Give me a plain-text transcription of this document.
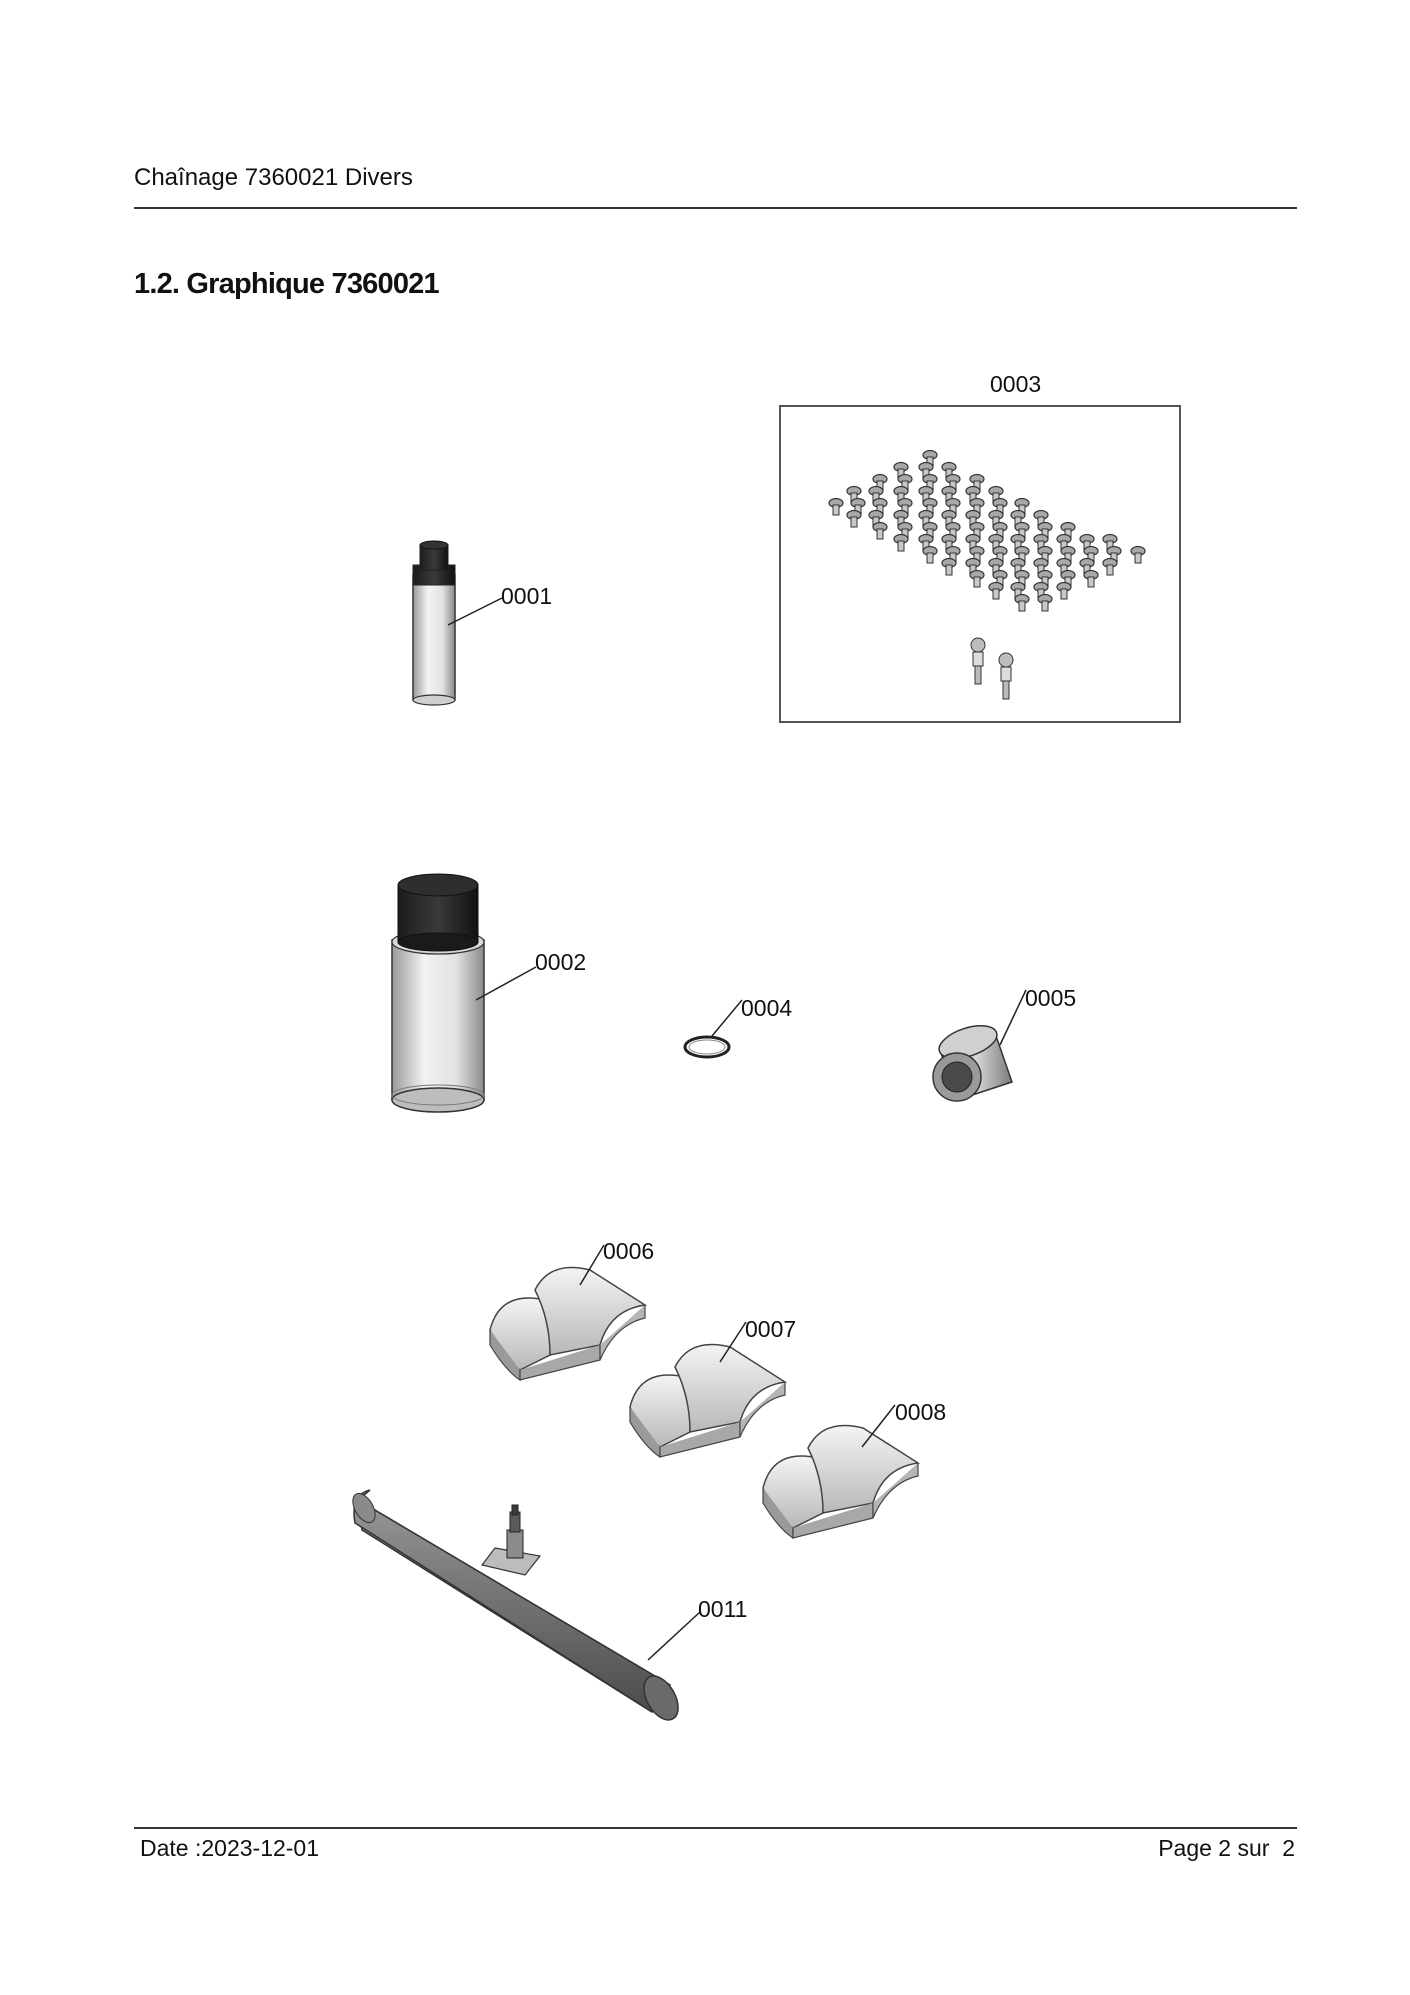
Chaînage 7360021 Divers
1.2. Graphique 7360021
0001
0003
0002
0004	0005
0006
0007
0008
0011
Date :2023-12-01	Page 2 sur  2
